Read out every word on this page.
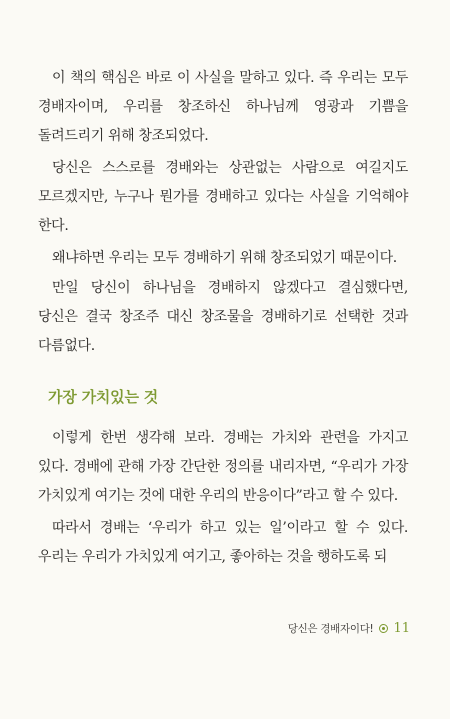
이 책의 핵심은 바로 이 사실을 말하고 있다. 즉 우리는 모두 경배자이며, 우리를 창조하신 하나님께 영광과 기쁨을 돌려드리기 위해 창조되었다.

당신은 스스로를 경배와는 상관없는 사람으로 여길지도 모르겠지만, 누구나 뭔가를 경배하고 있다는 사실을 기억해야 한다.

왜냐하면 우리는 모두 경배하기 위해 창조되었기 때문이다.

만일 당신이 하나님을 경배하지 않겠다고 결심했다면, 당신은 결국 창조주 대신 창조물을 경배하기로 선택한 것과 다름없다.

가장 가치있는 것

이렇게 한번 생각해 보라. 경배는 가치와 관련을 가지고 있다. 경배에 관해 가장 간단한 정의를 내리자면, “우리가 가장 가치있게 여기는 것에 대한 우리의 반응이다”라고 할 수 있다.

따라서 경배는 ‘우리가 하고 있는 일’이라고 할 수 있다. 우리는 우리가 가치있게 여기고, 좋아하는 것을 행하도록 되

당신은 경배자이다! 11
